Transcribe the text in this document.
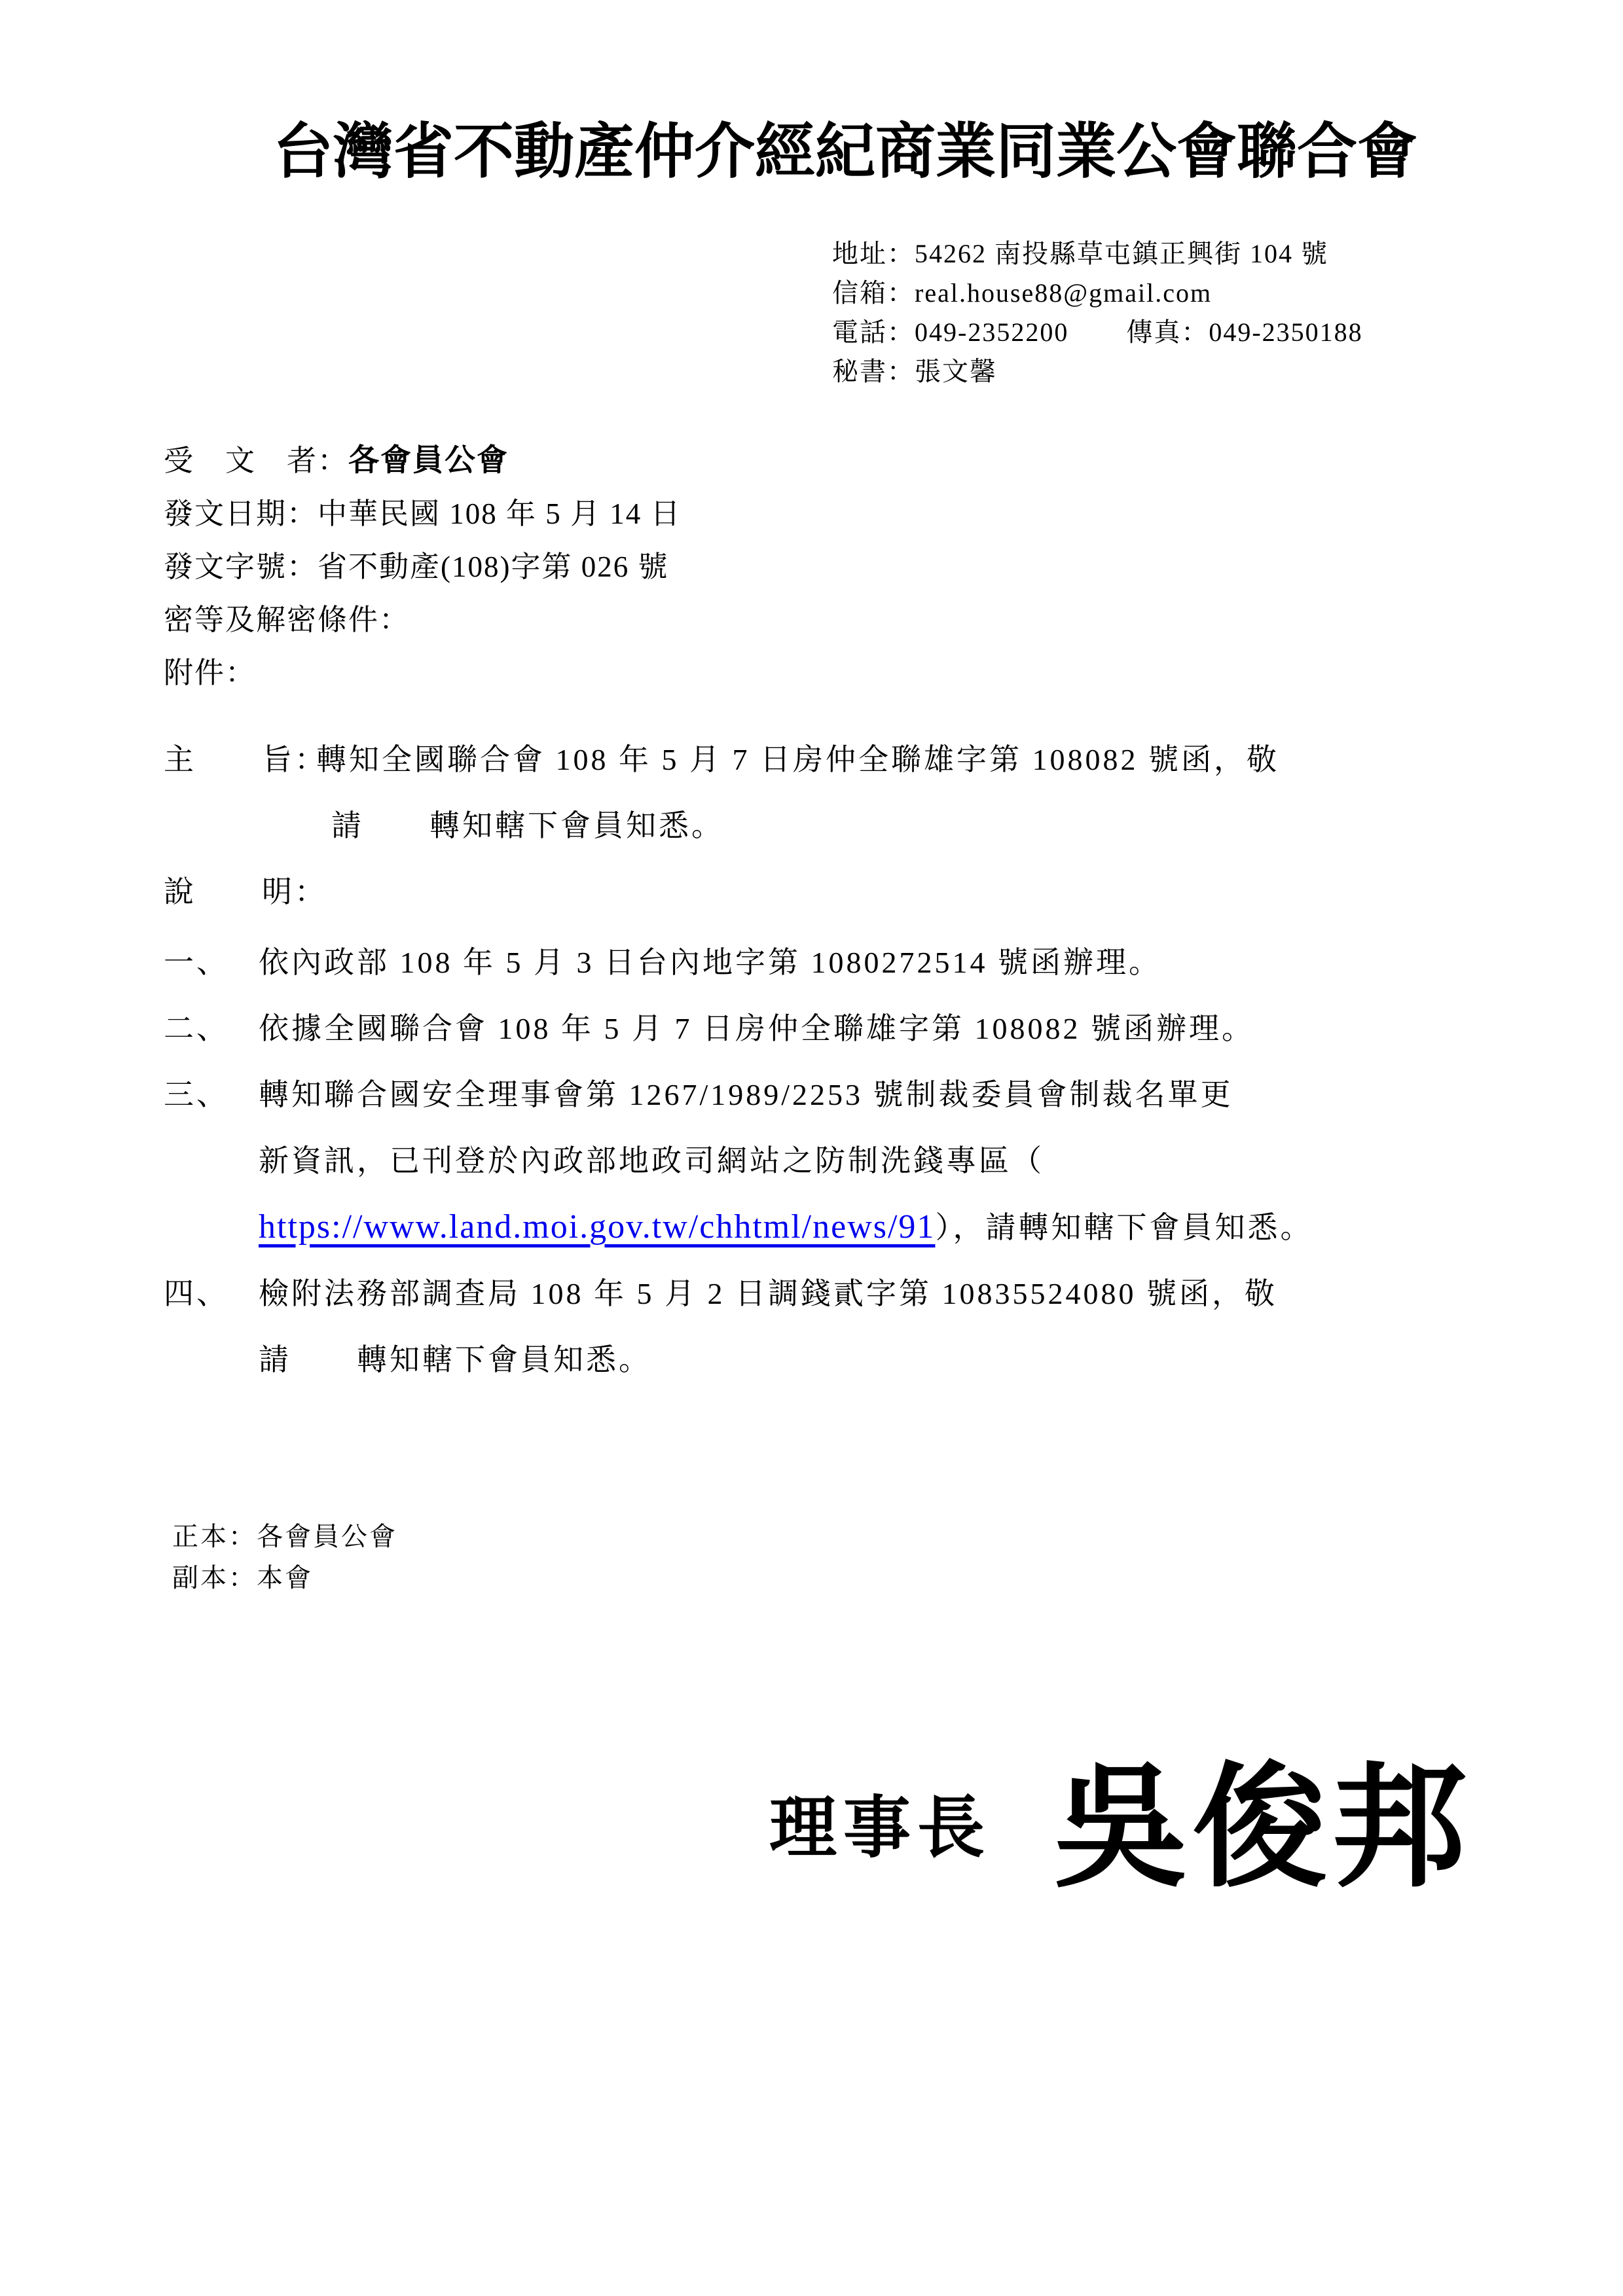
台灣省不動產仲介經紀商業同業公會聯合會
地址：54262 南投縣草屯鎮正興街 104 號
信箱：real.house88@gmail.com
電話：049-2352200 傳真：049-2350188
秘書：張文馨
受　文　者：各會員公會
發文日期：中華民國 108 年 5 月 14 日
發文字號：省不動產(108)字第 026 號
密等及解密條件：
附件：
主　　旨：
轉知全國聯合會 108 年 5 月 7 日房仲全聯雄字第 108082 號函，敬
請　　轉知轄下會員知悉。
說　　明：
一、 依內政部 108 年 5 月 3 日台內地字第 1080272514 號函辦理。
二、 依據全國聯合會 108 年 5 月 7 日房仲全聯雄字第 108082 號函辦理。
三、 轉知聯合國安全理事會第 1267/1989/2253 號制裁委員會制裁名單更
新資訊，已刊登於內政部地政司網站之防制洗錢專區（
https://www.land.moi.gov.tw/chhtml/news/91），請轉知轄下會員知悉。
四、 檢附法務部調查局 108 年 5 月 2 日調錢貳字第 10835524080 號函，敬
請　　轉知轄下會員知悉。
正本：各會員公會
副本：本會
理事長 吳俊邦
